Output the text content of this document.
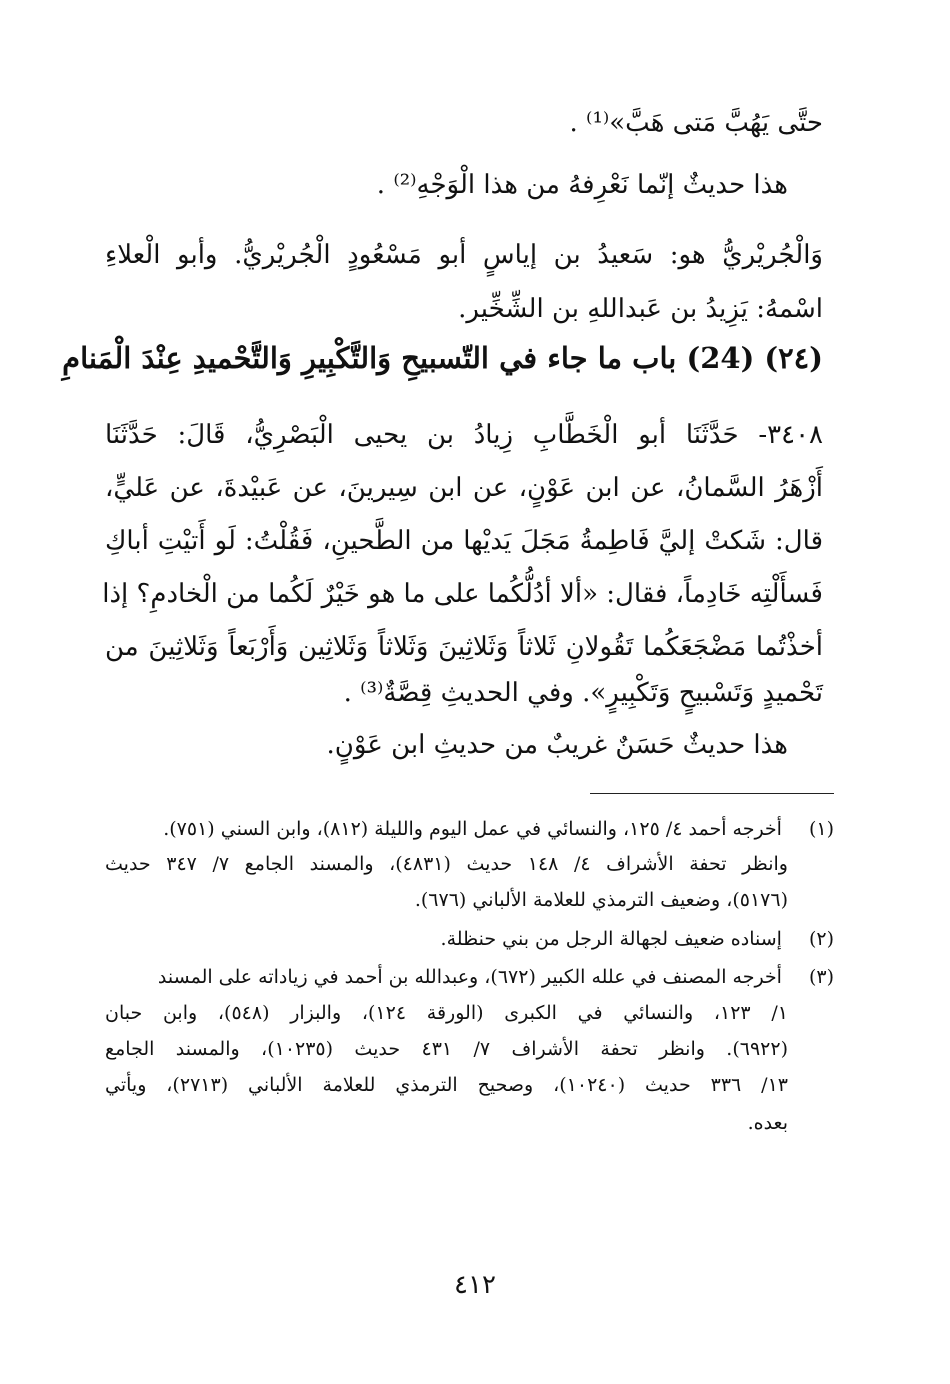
حتَّى يَهُبَّ مَتى هَبَّ»⁽¹⁾ .
هذا حديثٌ إنّما نَعْرِفهُ من هذا الْوَجْهِ⁽²⁾ .
وَالْجُريْريُّ هو: سَعيدُ بن إياسٍ أبو مَسْعُودٍ الْجُريْريُّ. وأبو الْعلاءِ
اسْمهُ: يَزِيدُ بن عَبداللهِ بن الشِّخِّير.
(٢٤) (24) باب ما جاء في التّسبيحِ وَالتَّكْبِيرِ وَالتَّحْميدِ عِنْدَ الْمَنامِ
٣٤٠٨- حَدَّثَنَا أبو الْخَطَّابِ زِيادُ بن يحيى الْبَصْرِيُّ، قَالَ: حَدَّثَنَا
أَزْهَرُ السَّمانُ، عن ابن عَوْنٍ، عن ابن سِيرينَ، عن عَبيْدةَ، عن عَليٍّ،
قال: شَكتْ إليَّ فَاطِمةُ مَجَلَ يَديْها من الطَّحينِ، فَقُلْتُ: لَو أَتيْتِ أباكِ
فَسأَلْتِه خَادِماً، فقال: «ألا أدُلُّكُما على ما هو خَيْرٌ لَكُما من الْخادمِ؟ إذا
أخذْتُما مَضْجَعَكُما تَقُولانِ ثَلاثاً وَثَلاثِينَ وَثَلاثاً وَثَلاثِين وَأَرْبَعاً وَثَلاثِينَ من
تَحْميدٍ وَتَسْبيحٍ وَتَكْبِيرٍ». وفي الحديثِ قِصَّةٌ⁽³⁾ .
هذا حديثٌ حَسَنٌ غريبٌ من حديثِ ابن عَوْنٍ.
(١) أخرجه أحمد ٤/ ١٢٥، والنسائي في عمل اليوم والليلة (٨١٢)، وابن السني (٧٥١).
وانظر تحفة الأشراف ٤/ ١٤٨ حديث (٤٨٣١)، والمسند الجامع ٧/ ٣٤٧ حديث
(٥١٧٦)، وضعيف الترمذي للعلامة الألباني (٦٧٦).
(٢) إسناده ضعيف لجهالة الرجل من بني حنظلة.
(٣) أخرجه المصنف في علله الكبير (٦٧٢)، وعبدالله بن أحمد في زياداته على المسند
١/ ١٢٣، والنسائي في الكبرى (الورقة ١٢٤)، والبزار (٥٤٨)، وابن حبان
(٦٩٢٢). وانظر تحفة الأشراف ٧/ ٤٣١ حديث (١٠٢٣٥)، والمسند الجامع
١٣/ ٣٣٦ حديث (١٠٢٤٠)، وصحيح الترمذي للعلامة الألباني (٢٧١٣)، ويأتي
بعده.
٤١٢
